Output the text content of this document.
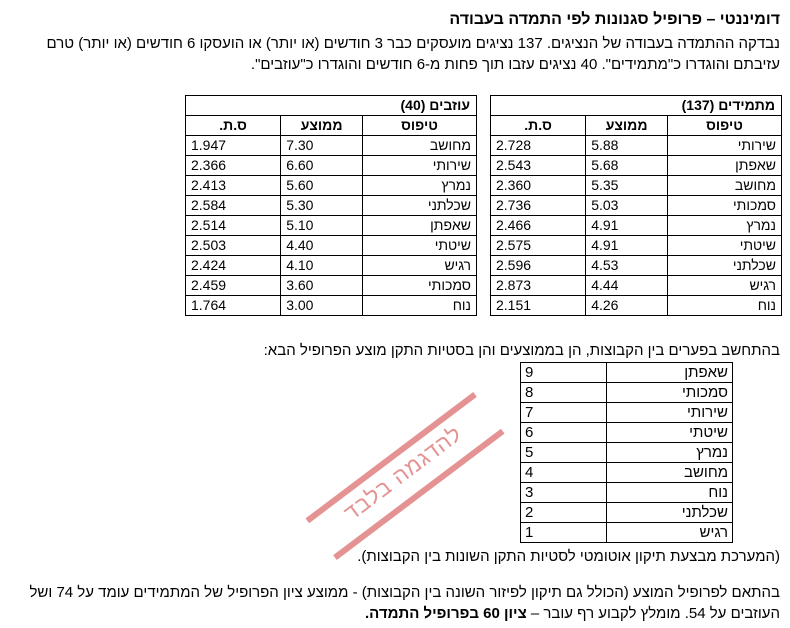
דומיננטי – פרופיל סגנונות לפי התמדה בעבודה
נבדקה ההתמדה בעבודה של הנציגים. 137 נציגים מועסקים כבר 3 חודשים (או יותר) או הועסקו 6 חודשים (או יותר) טרם עזיבתם והוגדרו כ"מתמידים". 40 נציגים עזבו תוך פחות מ-6 חודשים והוגדרו כ"עוזבים".
מתמידים (137)		
טיפוס	ממוצע	ס.ת.
שירותי	5.88	2.728
שאפתן	5.68	2.543
מחושב	5.35	2.360
סמכותי	5.03	2.736
נמרץ	4.91	2.466
שיטתי	4.91	2.575
שכלתני	4.53	2.596
רגיש	4.44	2.873
נוח	4.26	2.151
עוזבים (40)		
טיפוס	ממוצע	ס.ת.
מחושב	7.30	1.947
שירותי	6.60	2.366
נמרץ	5.60	2.413
שכלתני	5.30	2.584
שאפתן	5.10	2.514
שיטתי	4.40	2.503
רגיש	4.10	2.424
סמכותי	3.60	2.459
נוח	3.00	1.764
בהתחשב בפערים בין הקבוצות, הן בממוצעים והן בסטיות התקן מוצע הפרופיל הבא:
שאפתן	9
סמכותי	8
שירותי	7
שיטתי	6
נמרץ	5
מחושב	4
נוח	3
שכלתני	2
רגיש	1
(המערכת מבצעת תיקון אוטומטי לסטיות התקן השונות בין הקבוצות).
בהתאם לפרופיל המוצע (הכולל גם תיקון לפיזור השונה בין הקבוצות) - ממוצע ציון הפרופיל של המתמידים עומד על 74 ושל העוזבים על 54. מומלץ לקבוע רף עובר – ציון 60 בפרופיל התמדה.
להדגמה בלבד
